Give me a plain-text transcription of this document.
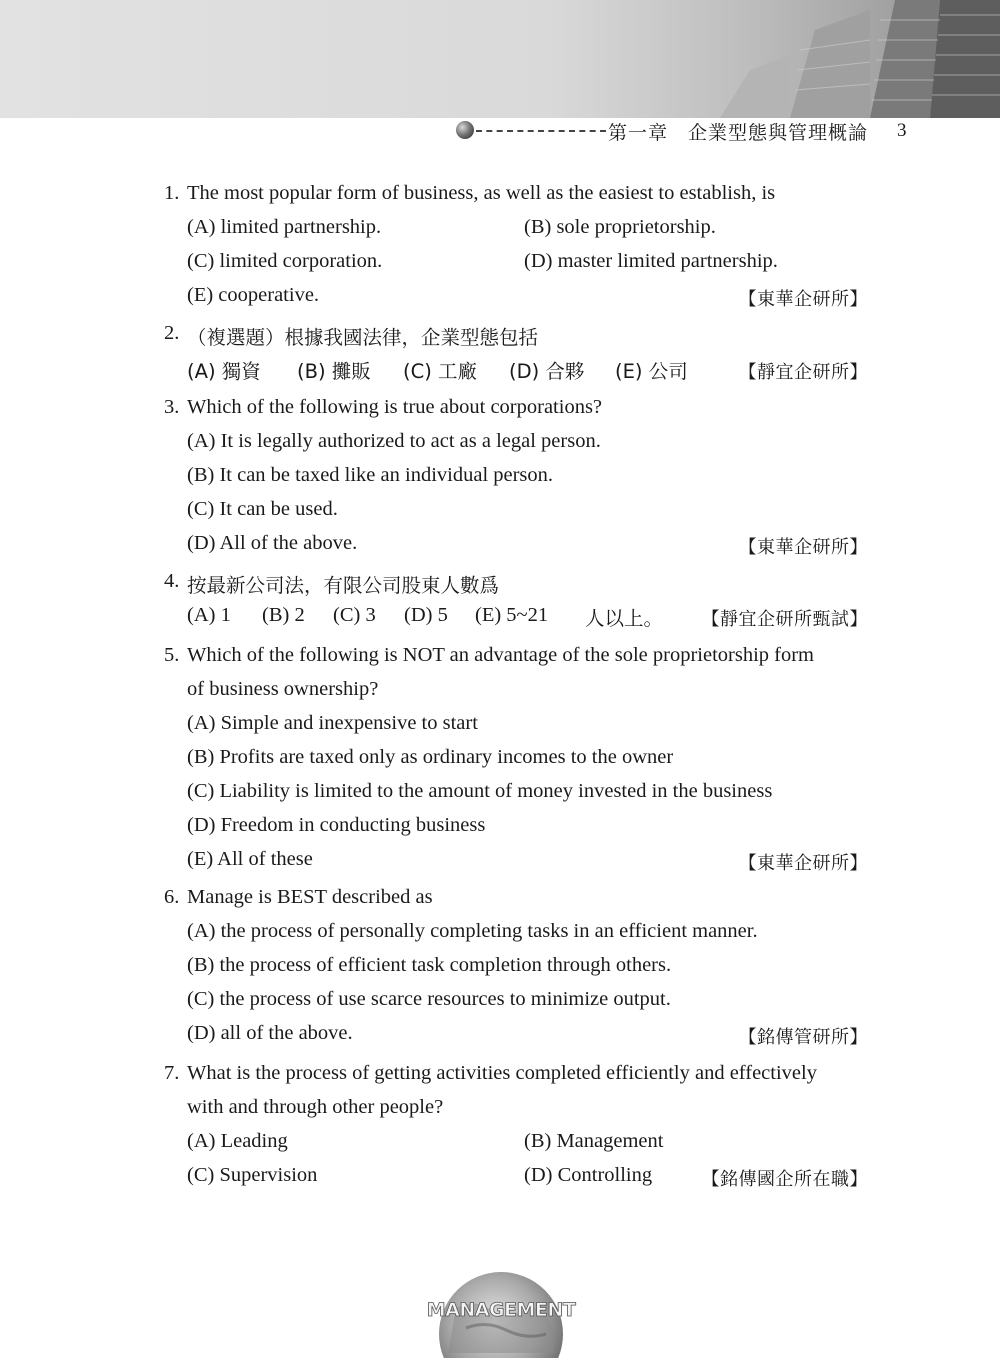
第一章　企業型態與管理概論 3
1. The most popular form of business, as well as the easiest to establish, is
(A) limited partnership.	(B) sole proprietorship.
(C) limited corporation.	(D) master limited partnership.
(E) cooperative.	【東華企研所】
2. （複選題）根據我國法律，企業型態包括
(A) 獨資 (B) 攤販 (C) 工廠 (D) 合夥 (E) 公司	【靜宜企研所】
3. Which of the following is true about corporations?
(A) It is legally authorized to act as a legal person.
(B) It can be taxed like an individual person.
(C) It can be used.
(D) All of the above.	【東華企研所】
4. 按最新公司法，有限公司股東人數爲
(A) 1 (B) 2 (C) 3 (D) 5 (E) 5~21 人以上。 【靜宜企研所甄試】
5. Which of the following is NOT an advantage of the sole proprietorship form
of business ownership?
(A) Simple and inexpensive to start
(B) Profits are taxed only as ordinary incomes to the owner
(C) Liability is limited to the amount of money invested in the business
(D) Freedom in conducting business
(E) All of these	【東華企研所】
6. Manage is BEST described as
(A) the process of personally completing tasks in an efficient manner.
(B) the process of efficient task completion through others.
(C) the process of use scarce resources to minimize output.
(D) all of the above.	【銘傳管研所】
7. What is the process of getting activities completed efficiently and effectively
with and through other people?
(A) Leading	(B) Management
(C) Supervision	(D) Controlling	【銘傳國企所在職】
MANAGEMENT
